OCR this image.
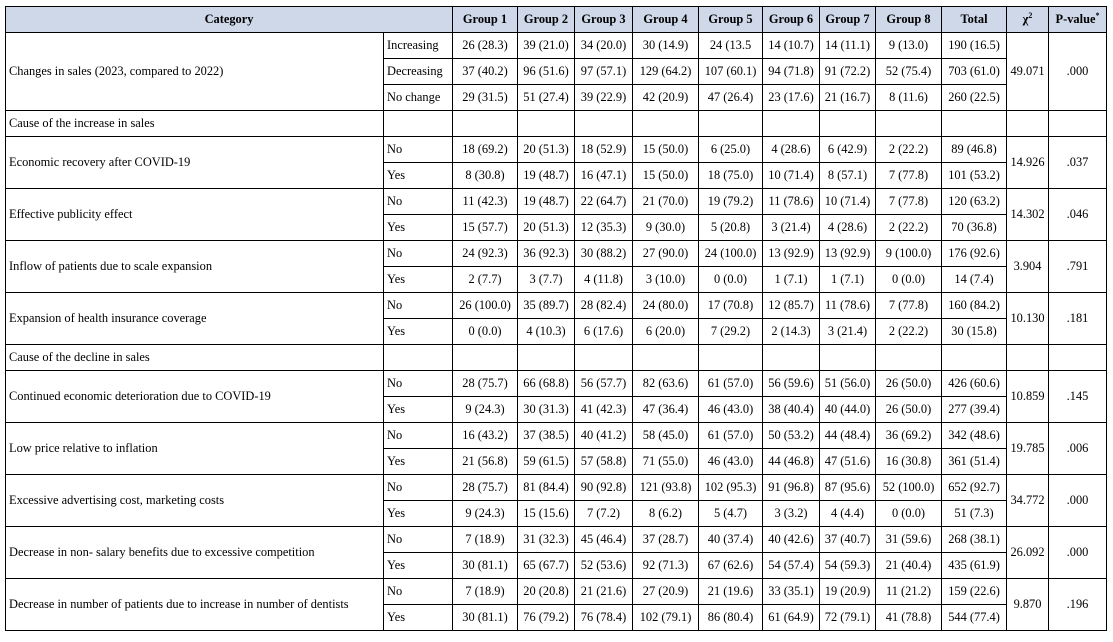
Category		Group 1	Group 2	Group 3	Group 4	Group 5	Group 6	Group 7	Group 8	Total	$\chi^2$	P-value*
Changes in sales (2023, compared to 2022)	Increasing	26 (28.3)	39 (21.0)	34 (20.0)	30 (14.9)	24 (13.5	14 (10.7)	14 (11.1)	9 (13.0)	190 (16.5)	49.071	.000
	Decreasing	37 (40.2)	96 (51.6)	97 (57.1)	129 (64.2)	107 (60.1)	94 (71.8)	91 (72.2)	52 (75.4)	703 (61.0)		
	No change	29 (31.5)	51 (27.4)	39 (22.9)	42 (20.9)	47 (26.4)	23 (17.6)	21 (16.7)	8 (11.6)	260 (22.5)		
Cause of the increase in sales												
Economic recovery after COVID-19	No	18 (69.2)	20 (51.3)	18 (52.9)	15 (50.0)	6 (25.0)	4 (28.6)	6 (42.9)	2 (22.2)	89 (46.8)	14.926	.037
	Yes	8 (30.8)	19 (48.7)	16 (47.1)	15 (50.0)	18 (75.0)	10 (71.4)	8 (57.1)	7 (77.8)	101 (53.2)		
Effective publicity effect	No	11 (42.3)	19 (48.7)	22 (64.7)	21 (70.0)	19 (79.2)	11 (78.6)	10 (71.4)	7 (77.8)	120 (63.2)	14.302	.046
	Yes	15 (57.7)	20 (51.3)	12 (35.3)	9 (30.0)	5 (20.8)	3 (21.4)	4 (28.6)	2 (22.2)	70 (36.8)		
Inflow of patients due to scale expansion	No	24 (92.3)	36 (92.3)	30 (88.2)	27 (90.0)	24 (100.0)	13 (92.9)	13 (92.9)	9 (100.0)	176 (92.6)	3.904	.791
	Yes	2 (7.7)	3 (7.7)	4 (11.8)	3 (10.0)	0 (0.0)	1 (7.1)	1 (7.1)	0 (0.0)	14 (7.4)		
Expansion of health insurance coverage	No	26 (100.0)	35 (89.7)	28 (82.4)	24 (80.0)	17 (70.8)	12 (85.7)	11 (78.6)	7 (77.8)	160 (84.2)	10.130	.181
	Yes	0 (0.0)	4 (10.3)	6 (17.6)	6 (20.0)	7 (29.2)	2 (14.3)	3 (21.4)	2 (22.2)	30 (15.8)		
Cause of the decline in sales												
Continued economic deterioration due to COVID-19	No	28 (75.7)	66 (68.8)	56 (57.7)	82 (63.6)	61 (57.0)	56 (59.6)	51 (56.0)	26 (50.0)	426 (60.6)	10.859	.145
	Yes	9 (24.3)	30 (31.3)	41 (42.3)	47 (36.4)	46 (43.0)	38 (40.4)	40 (44.0)	26 (50.0)	277 (39.4)		
Low price relative to inflation	No	16 (43.2)	37 (38.5)	40 (41.2)	58 (45.0)	61 (57.0)	50 (53.2)	44 (48.4)	36 (69.2)	342 (48.6)	19.785	.006
	Yes	21 (56.8)	59 (61.5)	57 (58.8)	71 (55.0)	46 (43.0)	44 (46.8)	47 (51.6)	16 (30.8)	361 (51.4)		
Excessive advertising cost, marketing costs	No	28 (75.7)	81 (84.4)	90 (92.8)	121 (93.8)	102 (95.3)	91 (96.8)	87 (95.6)	52 (100.0)	652 (92.7)	34.772	.000
	Yes	9 (24.3)	15 (15.6)	7 (7.2)	8 (6.2)	5 (4.7)	3 (3.2)	4 (4.4)	0 (0.0)	51 (7.3)		
Decrease in non- salary benefits due to excessive competition	No	7 (18.9)	31 (32.3)	45 (46.4)	37 (28.7)	40 (37.4)	40 (42.6)	37 (40.7)	31 (59.6)	268 (38.1)	26.092	.000
	Yes	30 (81.1)	65 (67.7)	52 (53.6)	92 (71.3)	67 (62.6)	54 (57.4)	54 (59.3)	21 (40.4)	435 (61.9)		
Decrease in number of patients due to increase in number of dentists	No	7 (18.9)	20 (20.8)	21 (21.6)	27 (20.9)	21 (19.6)	33 (35.1)	19 (20.9)	11 (21.2)	159 (22.6)	9.870	.196
	Yes	30 (81.1)	76 (79.2)	76 (78.4)	102 (79.1)	86 (80.4)	61 (64.9)	72 (79.1)	41 (78.8)	544 (77.4)		
